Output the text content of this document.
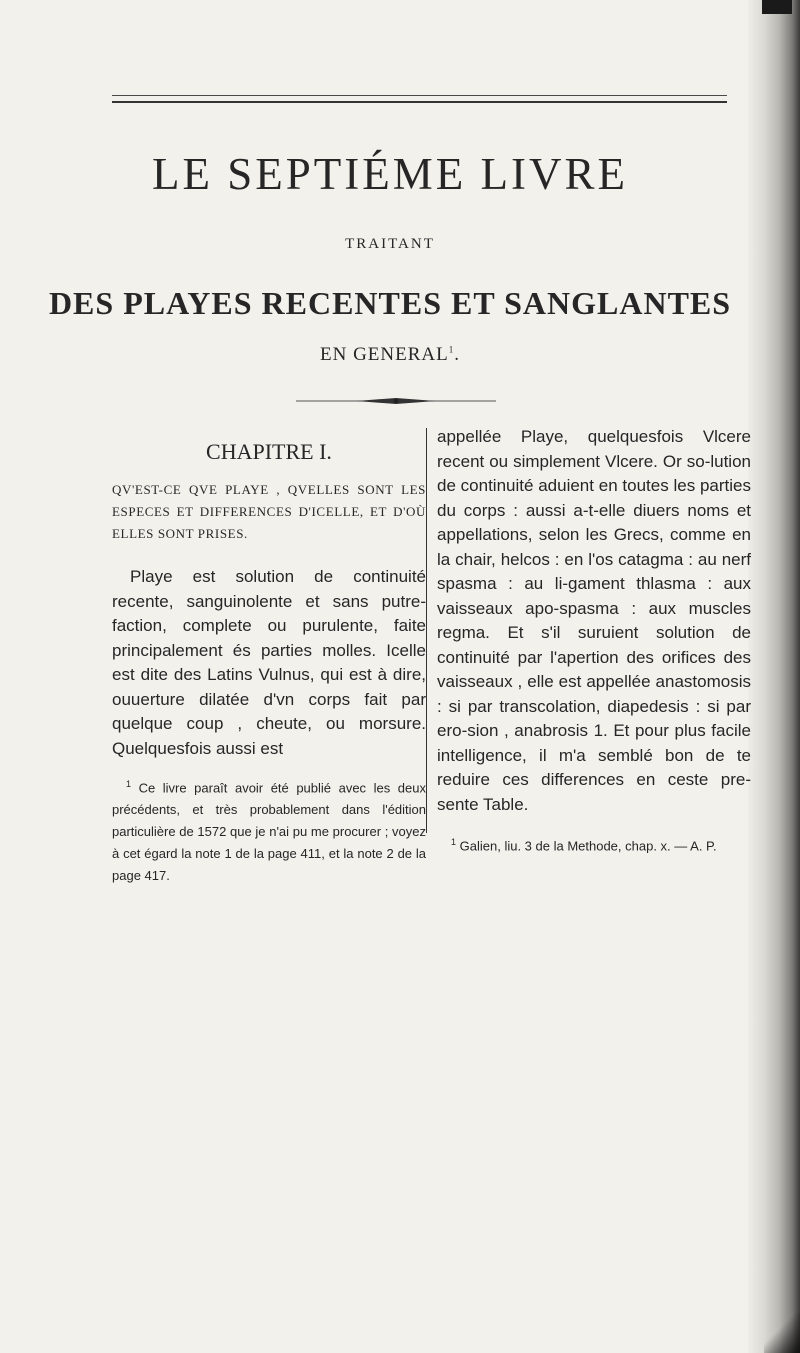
LE SEPTIÉME LIVRE
TRAITANT
DES PLAYES RECENTES ET SANGLANTES
EN GENERAL$^1$.
CHAPITRE I.

QV'EST-CE QVE PLAYE , QVELLES SONT LES ESPECES ET DIFFERENCES D'ICELLE, ET D'OÙ ELLES SONT PRISES.

Playe est solution de continuité recente, sanguinolente et sans putre-faction, complete ou purulente, faite principalement és parties molles. Icelle est dite des Latins Vulnus, qui est à dire, ouuerture dilatée d'vn corps fait par quelque coup , cheute, ou morsure. Quelquesfois aussi est

$^1$ Ce livre paraît avoir été publié avec les deux précédents, et très probablement dans l'édition particulière de 1572 que je n'ai pu me procurer ; voyez à cet égard la note 1 de la page 411, et la note 2 de la page 417.

appellée Playe, quelquesfois Vlcere recent ou simplement Vlcere. Or so-lution de continuité aduient en toutes les parties du corps : aussi a-t-elle diuers noms et appellations, selon les Grecs, comme en la chair, helcos : en l'os catagma : au nerf spasma : au li-gament thlasma : aux vaisseaux apo-spasma : aux muscles regma. Et s'il suruient solution de continuité par l'apertion des orifices des vaisseaux , elle est appellée anastomosis : si par transcolation, diapedesis : si par ero-sion , anabrosis 1. Et pour plus facile intelligence, il m'a semblé bon de te reduire ces differences en ceste pre-sente Table.

$^1$ Galien, liu. 3 de la Methode, chap. x. — A. P.
